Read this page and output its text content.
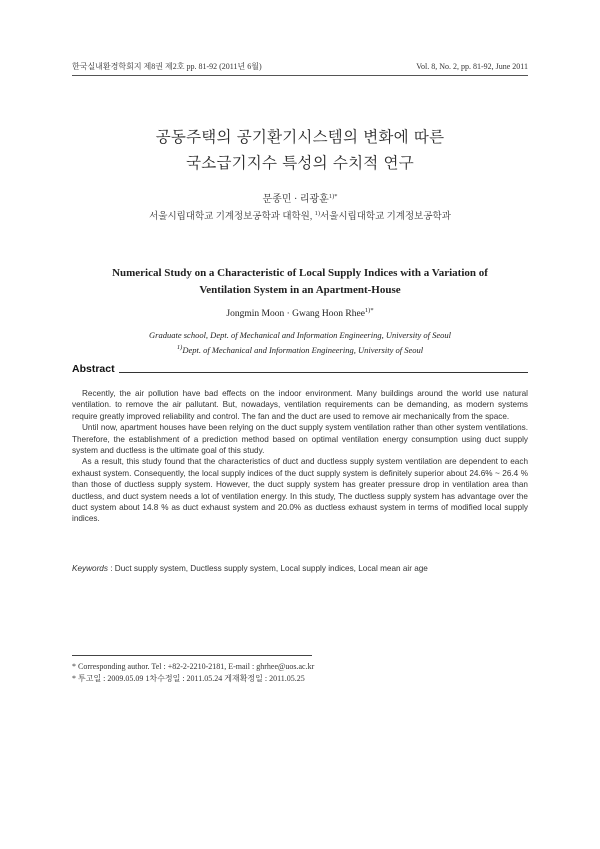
한국실내환경학회지 제8권 제2호 pp. 81-92 (2011년 6월)	Vol. 8, No. 2, pp. 81-92, June 2011
공동주택의 공기환기시스템의 변화에 따른
국소급기지수 특성의 수치적 연구
문종민 · 리광훈$^{1)*}$
서울시립대학교 기계정보공학과 대학원, $^{1)}$서울시립대학교 기계정보공학과
Numerical Study on a Characteristic of Local Supply Indices with a Variation of
Ventilation System in an Apartment-House
Jongmin Moon · Gwang Hoon Rhee$^{1)*}$
Graduate school, Dept. of Mechanical and Information Engineering, University of Seoul
$^{1)}$Dept. of Mechanical and Information Engineering, University of Seoul
Abstract

Recently, the air pollution have bad effects on the indoor environment. Many buildings around the world use natural ventilation. to remove the air pallutant. But, nowadays, ventilation requirements can be demanding, as modern systems require greatly improved reliability and control. The fan and the duct are used to remove air mechanically from the space.

Until now, apartment houses have been relying on the duct supply system ventilation rather than other system ventilations. Therefore, the establishment of a prediction method based on optimal ventilation energy consumption using duct supply system and ductless is the ultimate goal of this study.

As a result, this study found that the characteristics of duct and ductless supply system ventilation are dependent to each exhaust system. Consequently, the local supply indices of the duct supply system is definitely superior about 24.6% ~ 26.4 % than those of ductless supply system. However, the duct supply system has greater pressure drop in ventilation area than ductless, and duct system needs a lot of ventilation energy. In this study, The ductless supply system has advantage over the duct system about 14.8 % as duct exhaust system and 20.0% as ductless exhaust system in terms of modified local supply indices.

Keywords : Duct supply system, Ductless supply system, Local supply indices, Local mean air age
* Corresponding author. Tel : +82-2-2210-2181, E-mail : ghrhee@uos.ac.kr
* 투고일 : 2009.05.09 1차수정일 : 2011.05.24 게재확정일 : 2011.05.25
